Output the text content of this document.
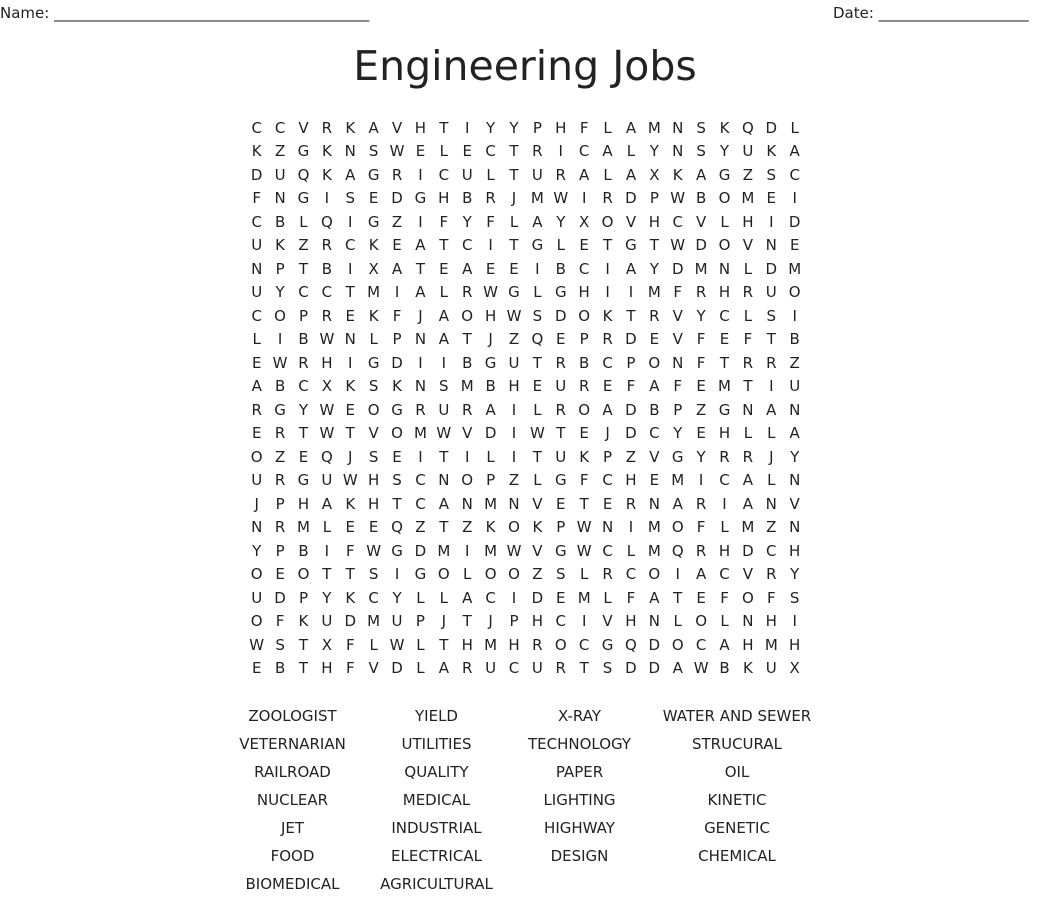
Name: __________________________________________	Date: ____________________
Engineering Jobs
C C V R K A V H T	I	Y Y P H F L A M N S K Q D L
K Z G K N S W E L E C T R	I	C A L Y N S Y U K A
D U Q K A G R	I	C U L T U R A L A X K A G Z S C
F N G	I	S E D G H B R	J M W I	R D P W B O M E	I
C B L Q	I	G Z	I	F Y F L A Y X O V H C V L H	I	D
U K Z R C K E A T C	I	T G L E T G T W D O V N E
N P T B	I	X A T E A E E	I	B C	I	A Y D M N L D M
U Y C C T M I	A L R W G L G H	I	I M F R H R U O
C O P R E K F	J	A O H W S D O K T R V Y C L S	I
L	I	B W N L P N A T	J	Z Q E P R D E V F E F T B
E W R H	I	G D	I	I	B G U T R B C P O N F T R R Z
A B C X K S K N S M B H E U R E F A F E M T	I	U
R G Y W E O G R U R A	I	L R O A D B P Z G N A N
E R T W T V O M W V D	I W T E	J	D C Y E H L	L A
O Z E Q	J	S E	I	T	I	L	I	T U K P Z V G Y R R	J	Y
U R G U W H S C N O P Z L G F C H E M I	C A L N
J	P H A K H T C A N M N V E T E R N A R	I	A N V
N R M L E E Q Z T Z K O K P W N	I M O F L M Z N
Y P B	I	F W G D M I M W V G W C L M Q R H D C H
O E O T T S	I	G O L O O Z S L R C O	I	A C V R Y
U D P Y K C Y L	L A C	I	D E M L F A T E F O F S
O F K U D M U P	J	T	J	P H C	I	V H N L O L N H	I
W S T X F L W L T H M H R O C G Q D O C A H M H
E B T H F V D L A R U C U R T S D D A W B K U X
ZOOLOGIST	YIELD	X-RAY	WATER AND SEWER
VETERNARIAN	UTILITIES	TECHNOLOGY	STRUCURAL
RAILROAD	QUALITY	PAPER	OIL
NUCLEAR	MEDICAL	LIGHTING	KINETIC
JET	INDUSTRIAL	HIGHWAY	GENETIC
FOOD	ELECTRICAL	DESIGN	CHEMICAL
BIOMEDICAL	AGRICULTURAL
